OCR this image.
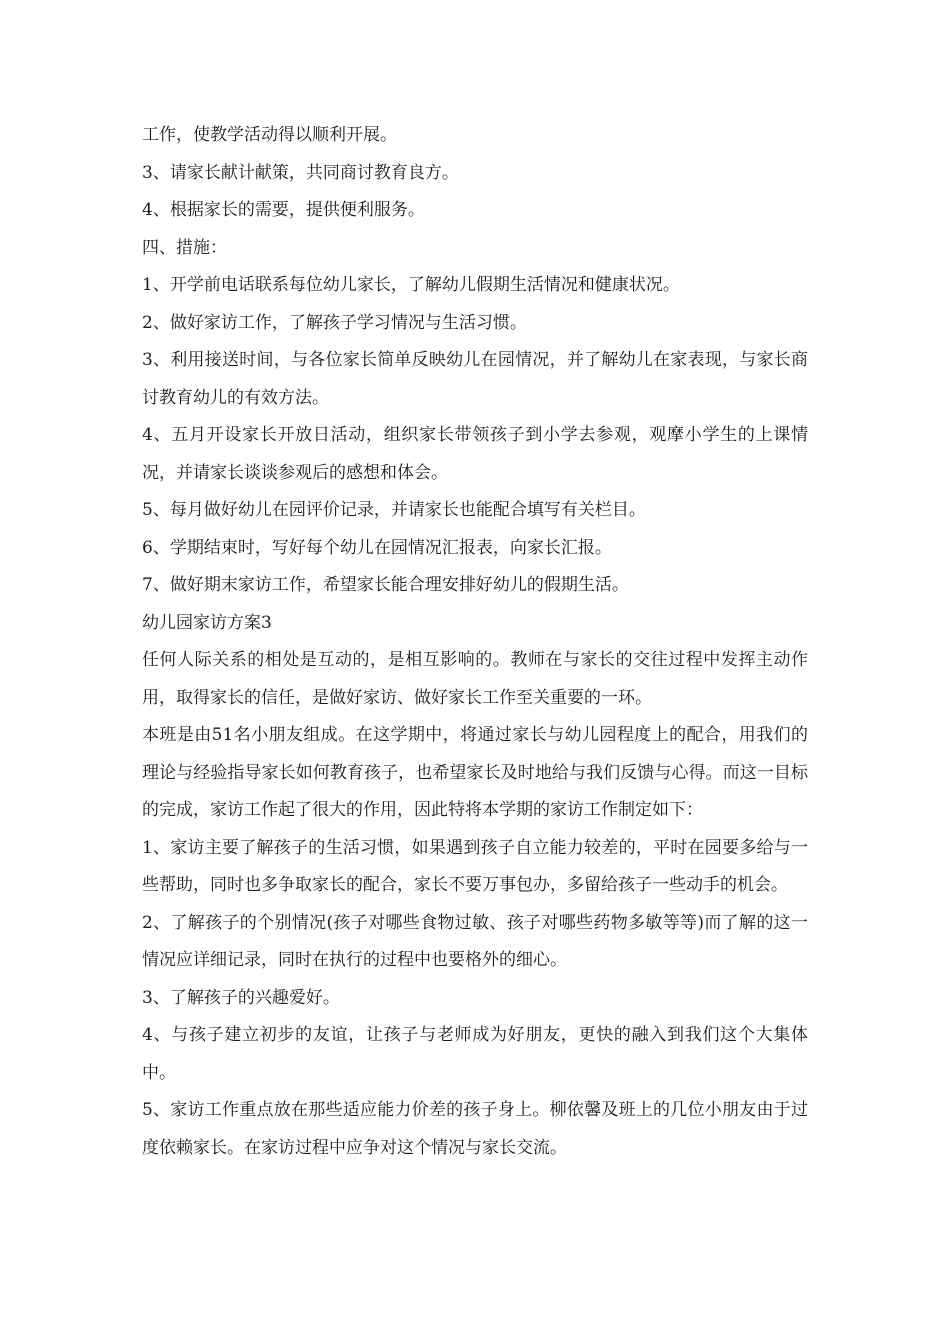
工作，使教学活动得以顺利开展。

3、请家长献计献策，共同商讨教育良方。

4、根据家长的需要，提供便利服务。

四、措施：

1、开学前电话联系每位幼儿家长，了解幼儿假期生活情况和健康状况。

2、做好家访工作，了解孩子学习情况与生活习惯。

3、利用接送时间，与各位家长简单反映幼儿在园情况，并了解幼儿在家表现，与家长商讨教育幼儿的有效方法。

4、五月开设家长开放日活动，组织家长带领孩子到小学去参观，观摩小学生的上课情况，并请家长谈谈参观后的感想和体会。

5、每月做好幼儿在园评价记录，并请家长也能配合填写有关栏目。

6、学期结束时，写好每个幼儿在园情况汇报表，向家长汇报。

7、做好期末家访工作，希望家长能合理安排好幼儿的假期生活。

幼儿园家访方案3

任何人际关系的相处是互动的，是相互影响的。教师在与家长的交往过程中发挥主动作用，取得家长的信任，是做好家访、做好家长工作至关重要的一环。

本班是由51名小朋友组成。在这学期中，将通过家长与幼儿园程度上的配合，用我们的理论与经验指导家长如何教育孩子，也希望家长及时地给与我们反馈与心得。而这一目标的完成，家访工作起了很大的作用，因此特将本学期的家访工作制定如下：

1、家访主要了解孩子的生活习惯，如果遇到孩子自立能力较差的，平时在园要多给与一些帮助，同时也多争取家长的配合，家长不要万事包办，多留给孩子一些动手的机会。

2、了解孩子的个别情况(孩子对哪些食物过敏、孩子对哪些药物多敏等等)而了解的这一情况应详细记录，同时在执行的过程中也要格外的细心。

3、了解孩子的兴趣爱好。

4、与孩子建立初步的友谊，让孩子与老师成为好朋友，更快的融入到我们这个大集体中。

5、家访工作重点放在那些适应能力价差的孩子身上。柳依馨及班上的几位小朋友由于过度依赖家长。在家访过程中应争对这个情况与家长交流。
